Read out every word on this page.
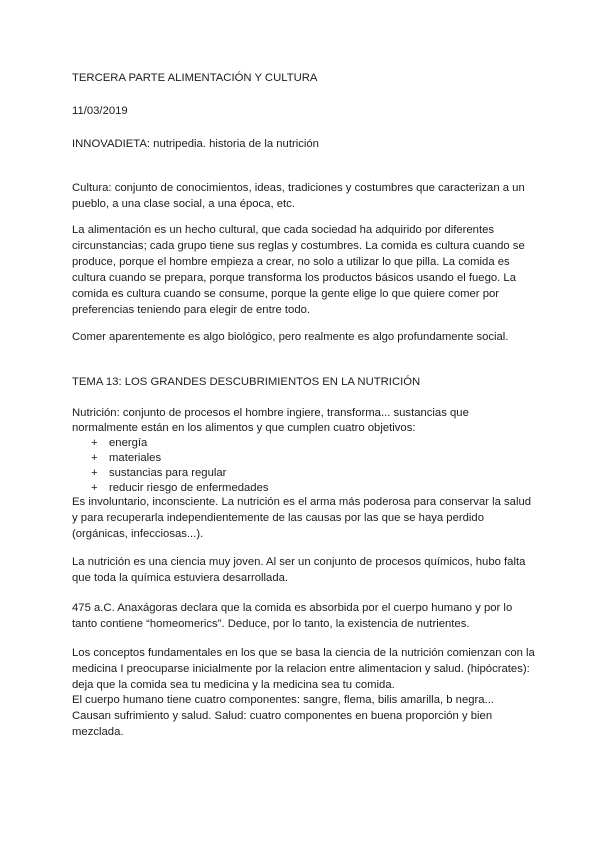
TERCERA PARTE ALIMENTACIÓN Y CULTURA
11/03/2019
INNOVADIETA: nutripedia. historia de la nutrición
Cultura: conjunto de conocimientos, ideas, tradiciones y costumbres que caracterizan a un
pueblo, a una clase social, a una época, etc.
La alimentación es un hecho cultural, que cada sociedad ha adquirido por diferentes
circunstancias; cada grupo tiene sus reglas y costumbres. La comida es cultura cuando se
produce, porque el hombre empieza a crear, no solo a utilizar lo que pilla. La comida es
cultura cuando se prepara, porque transforma los productos básicos usando el fuego. La
comida es cultura cuando se consume, porque la gente elige lo que quiere comer por
preferencias teniendo para elegir de entre todo.
Comer aparentemente es algo biológico, pero realmente es algo profundamente social.
TEMA 13: LOS GRANDES DESCUBRIMIENTOS EN LA NUTRICIÓN
Nutrición: conjunto de procesos el hombre ingiere, transforma... sustancias que
normalmente están en los alimentos y que cumplen cuatro objetivos:
+ energía
+ materiales
+ sustancias para regular
+ reducir riesgo de enfermedades
Es involuntario, inconsciente. La nutrición es el arma más poderosa para conservar la salud
y para recuperarla independientemente de las causas por las que se haya perdido
(orgánicas, infecciosas...).
La nutrición es una ciencia muy joven. Al ser un conjunto de procesos químicos, hubo falta
que toda la química estuviera desarrollada.
475 a.C. Anaxágoras declara que la comida es absorbida por el cuerpo humano y por lo
tanto contiene “homeomerics”. Deduce, por lo tanto, la existencia de nutrientes.
Los conceptos fundamentales en los que se basa la ciencia de la nutrición comienzan con la
medicina I preocuparse inicialmente por la relacion entre alimentacion y salud. (hipócrates):
deja que la comida sea tu medicina y la medicina sea tu comida.
El cuerpo humano tiene cuatro componentes: sangre, flema, bilis amarilla, b negra...
Causan sufrimiento y salud. Salud: cuatro componentes en buena proporción y bien
mezclada.
